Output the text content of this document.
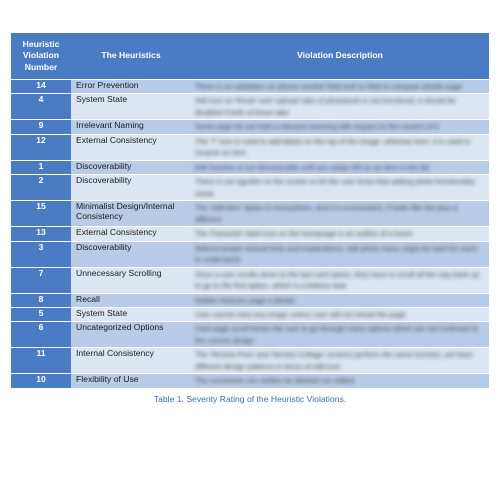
Heuristic Violation Number	The Heuristics	Violation Description
14	Error Prevention	There is no validation on phone number field and no field to compare details page

4	System State	Still icon on 'Reset' and 'Upload' tabs of photobook is not functional, it should be disabled if both of those tabs

9	Irrelevant Naming	Some page do not hold a relevant meaning with respect to the content of it

12	External Consistency	The 'T' icon is used to add labels on the top of the image, whereas here, it is used to rename an item

1	Discoverability	Edit function is not discoverable until you swipe left on an item in the list

2	Discoverability	There is not signifier on the screen to let the user know that adding photo functionality exists

15	Minimalist Design/Internal Consistency	The 'Add item' option is everywhere, and it is inconsistent, it looks like the plus is different

13	External Consistency	The 'Favourite' label icon on the homepage is an outline of a home

3	Discoverability	Without proper textual hints and explanations, edit photo menu might be hard for users to understand

7	Unnecessary Scrolling	Once a user scrolls down to the last card option, they have to scroll all the way back up to go to the first option, which is a tedious task

8	Recall	Hidden features page a details

5	System State	User cannot view any image unless user will not reload the page

6	Uncategorized Options	Card page scroll forces the user to go through many options which are not irrelevant to the current design

11	Internal Consistency	The 'Review Print' and 'Review Collage' screens perform the same function, yet have different design patterns in terms of edit icon

10	Flexibility of Use	The comments can neither be deleted nor edited
Table 1. Severity Rating of the Heuristic Violations.
